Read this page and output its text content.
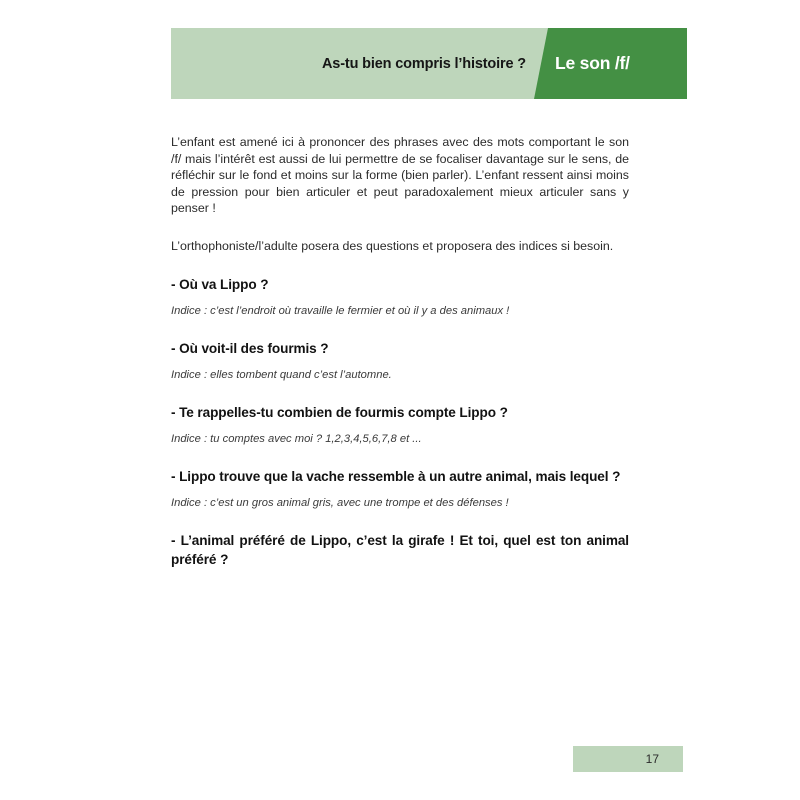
As-tu bien compris l’histoire ? Le son /f/

L’enfant est amené ici à prononcer des phrases avec des mots comportant le son /f/ mais l’intérêt est aussi de lui permettre de se focaliser davantage sur le sens, de réfléchir sur le fond et moins sur la forme (bien parler). L’enfant ressent ainsi moins de pression pour bien articuler et peut paradoxalement mieux articuler sans y penser !

L’orthophoniste/l’adulte posera des questions et proposera des indices si besoin.

- Où va Lippo ?

Indice : c’est l’endroit où travaille le fermier et où il y a des animaux !

- Où voit-il des fourmis ?

Indice : elles tombent quand c’est l’automne.

- Te rappelles-tu combien de fourmis compte Lippo ?

Indice : tu comptes avec moi ? 1,2,3,4,5,6,7,8 et ...

- Lippo trouve que la vache ressemble à un autre animal, mais lequel ?

Indice : c’est un gros animal gris, avec une trompe et des défenses !

- L’animal préféré de Lippo, c’est la girafe ! Et toi, quel est ton animal préféré ?
17
